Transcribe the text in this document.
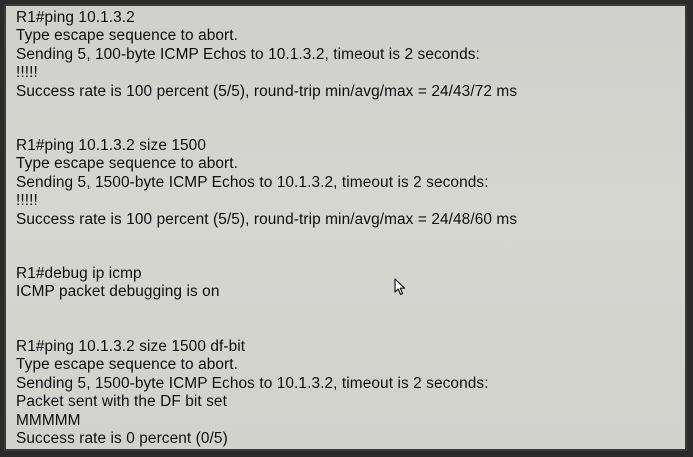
R1#ping 10.1.3.2
Type escape sequence to abort.
Sending 5, 100-byte ICMP Echos to 10.1.3.2, timeout is 2 seconds:
!!!!!
Success rate is 100 percent (5/5), round-trip min/avg/max = 24/43/72 ms
R1#ping 10.1.3.2 size 1500
Type escape sequence to abort.
Sending 5, 1500-byte ICMP Echos to 10.1.3.2, timeout is 2 seconds:
!!!!!
Success rate is 100 percent (5/5), round-trip min/avg/max = 24/48/60 ms
R1#debug ip icmp
ICMP packet debugging is on
R1#ping 10.1.3.2 size 1500 df-bit
Type escape sequence to abort.
Sending 5, 1500-byte ICMP Echos to 10.1.3.2, timeout is 2 seconds:
Packet sent with the DF bit set
MMMMM
Success rate is 0 percent (0/5)
